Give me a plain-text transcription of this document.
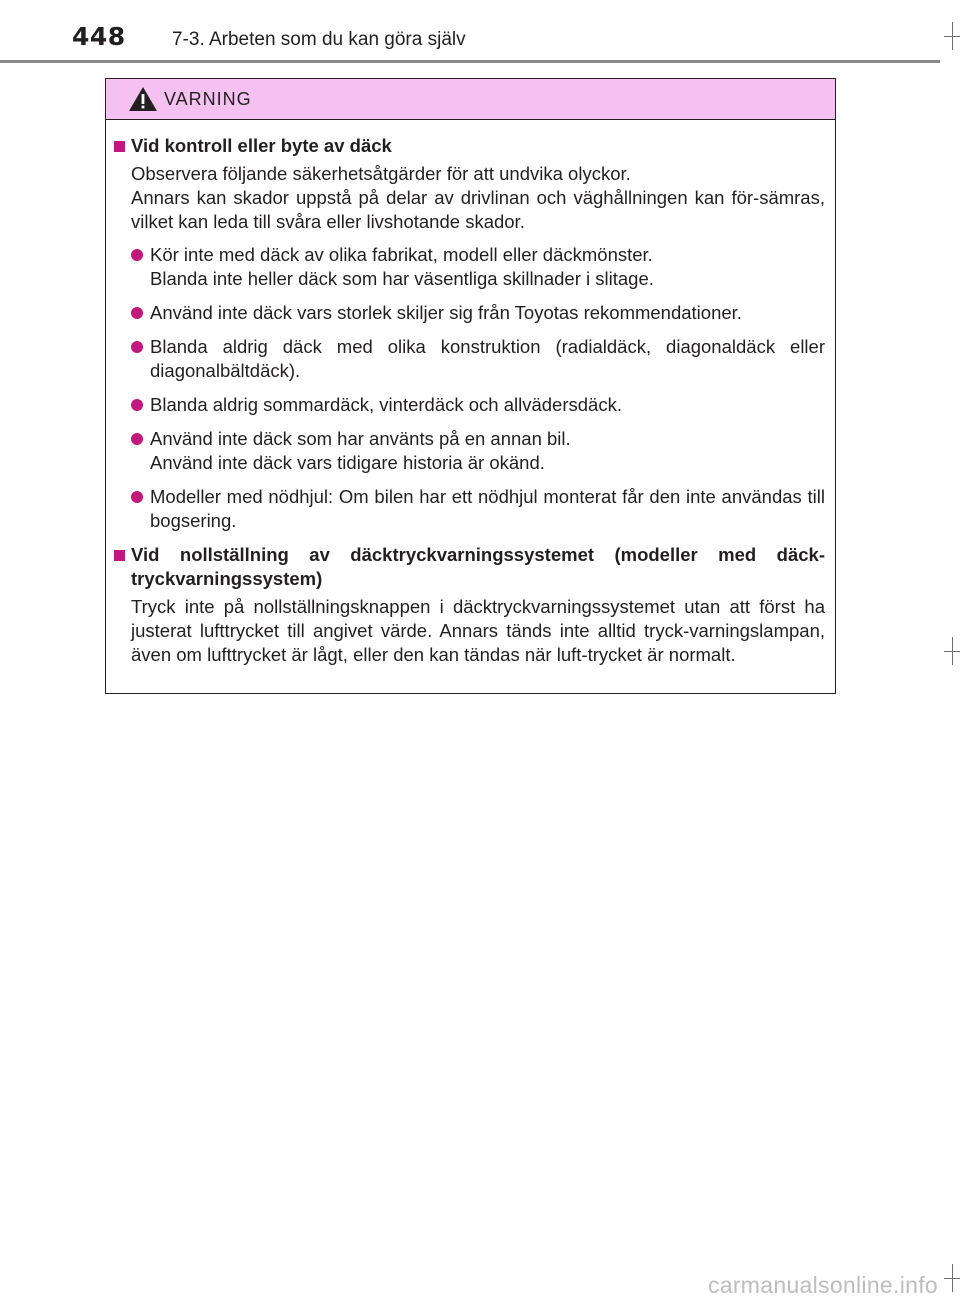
448 7-3. Arbeten som du kan göra själv
VARNING
Vid kontroll eller byte av däck
Observera följande säkerhetsåtgärder för att undvika olyckor.
Annars kan skador uppstå på delar av drivlinan och väghållningen kan för-sämras, vilket kan leda till svåra eller livshotande skador.
Kör inte med däck av olika fabrikat, modell eller däckmönster.
Blanda inte heller däck som har väsentliga skillnader i slitage.
Använd inte däck vars storlek skiljer sig från Toyotas rekommendationer.
Blanda aldrig däck med olika konstruktion (radialdäck, diagonaldäck eller diagonalbältdäck).
Blanda aldrig sommardäck, vinterdäck och allvädersdäck.
Använd inte däck som har använts på en annan bil.
Använd inte däck vars tidigare historia är okänd.
Modeller med nödhjul: Om bilen har ett nödhjul monterat får den inte användas till bogsering.
Vid nollställning av däcktryckvarningssystemet (modeller med däck-tryckvarningssystem)
Tryck inte på nollställningsknappen i däcktryckvarningssystemet utan att först ha justerat lufttrycket till angivet värde. Annars tänds inte alltid tryck-varningslampan, även om lufttrycket är lågt, eller den kan tändas när luft-trycket är normalt.
carmanualsonline.info
